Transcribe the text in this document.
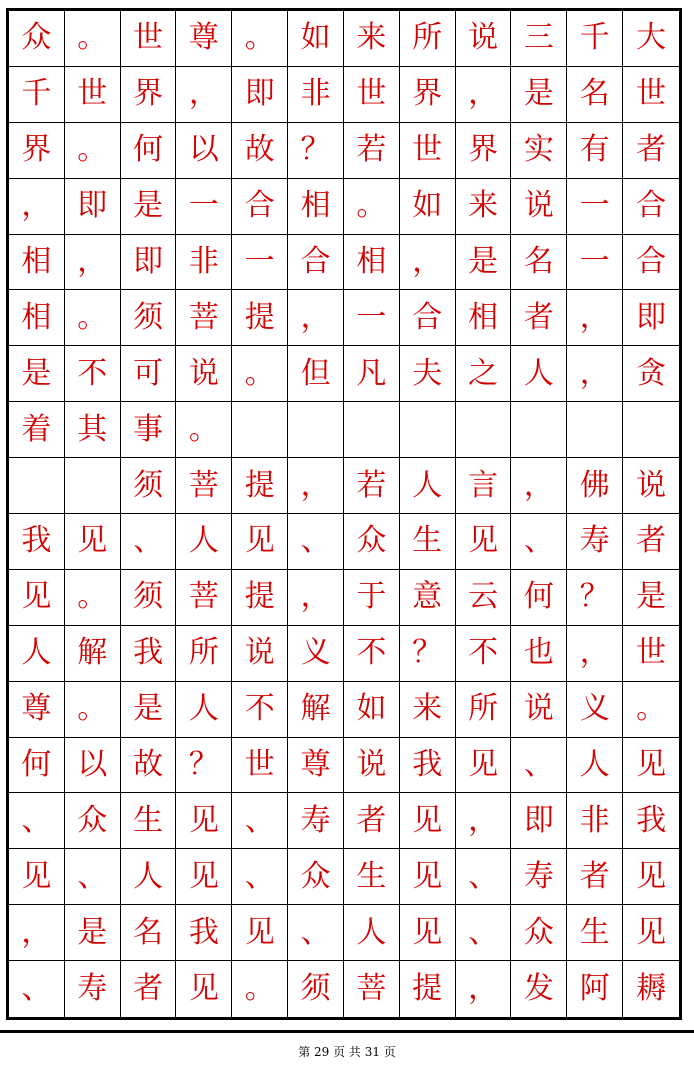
众 。 世 尊 。 如 来 所 说 三 千 大
千 世 界 ， 即 非 世 界 ， 是 名 世
界 。 何 以 故 ？ 若 世 界 实 有 者
， 即 是 一 合 相 。 如 来 说 一 合
相 ， 即 非 一 合 相 ， 是 名 一 合
相 。 须 菩 提 ， 一 合 相 者 ， 即
是 不 可 说 。 但 凡 夫 之 人 ， 贪
着 其 事 。
须 菩 提 ， 若 人 言 ， 佛 说
我 见 、 人 见 、 众 生 见 、 寿 者
见 。 须 菩 提 ， 于 意 云 何 ？ 是
人 解 我 所 说 义 不 ？ 不 也 ， 世
尊 。 是 人 不 解 如 来 所 说 义 。
何 以 故 ？ 世 尊 说 我 见 、 人 见
、 众 生 见 、 寿 者 见 ， 即 非 我
见 、 人 见 、 众 生 见 、 寿 者 见
， 是 名 我 见 、 人 见 、 众 生 见
、 寿 者 见 。 须 菩 提 ， 发 阿 耨
第 29 页 共 31 页
